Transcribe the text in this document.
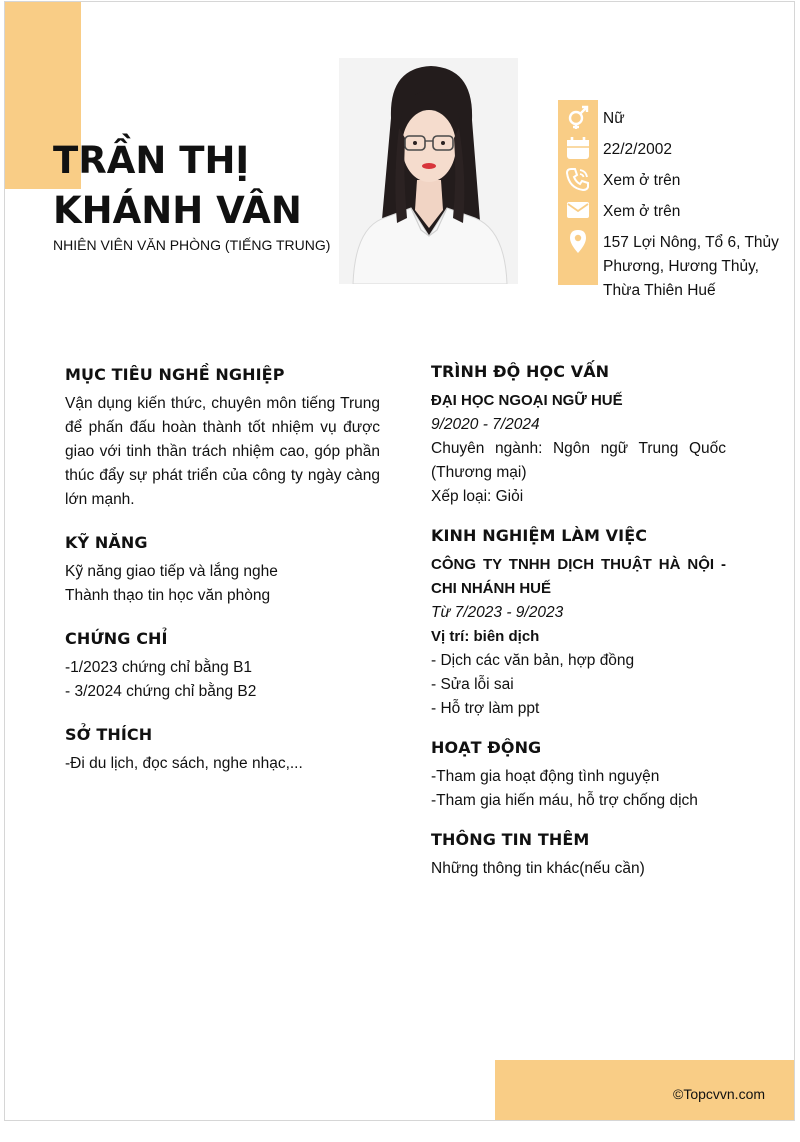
TRẦN THỊ
KHÁNH VÂN
NHIÊN VIÊN VĂN PHÒNG (TIẾNG TRUNG)
Nữ
22/2/2002
Xem ở trên
Xem ở trên
157 Lợi Nông, Tổ 6, Thủy Phương, Hương Thủy, Thừa Thiên Huế
MỤC TIÊU NGHỀ NGHIỆP

Vận dụng kiến thức, chuyên môn tiếng Trung để phấn đấu hoàn thành tốt nhiệm vụ được giao với tinh thần trách nhiệm cao, góp phần thúc đẩy sự phát triển của công ty ngày càng lớn mạnh.

KỸ NĂNG
Kỹ năng giao tiếp và lắng nghe
Thành thạo tin học văn phòng
CHỨNG CHỈ
-1/2023 chứng chỉ bằng B1
- 3/2024 chứng chỉ bằng B2
SỞ THÍCH
-Đi du lịch, đọc sách, nghe nhạc,...
TRÌNH ĐỘ HỌC VẤN
ĐẠI HỌC NGOẠI NGỮ HUẾ
9/2020 - 7/2024

Chuyên ngành: Ngôn ngữ Trung Quốc (Thương mại)

Xếp loại: Giỏi
KINH NGHIỆM LÀM VIỆC
CÔNG TY TNHH DỊCH THUẬT HÀ NỘI - CHI NHÁNH HUẾ
Từ 7/2023 - 9/2023
Vị trí: biên dịch
- Dịch các văn bản, hợp đồng
- Sửa lỗi sai
- Hỗ trợ làm ppt
HOẠT ĐỘNG
-Tham gia hoạt động tình nguyện
-Tham gia hiến máu, hỗ trợ chống dịch
THÔNG TIN THÊM
Những thông tin khác(nếu cần)
©Topcvvn.com
